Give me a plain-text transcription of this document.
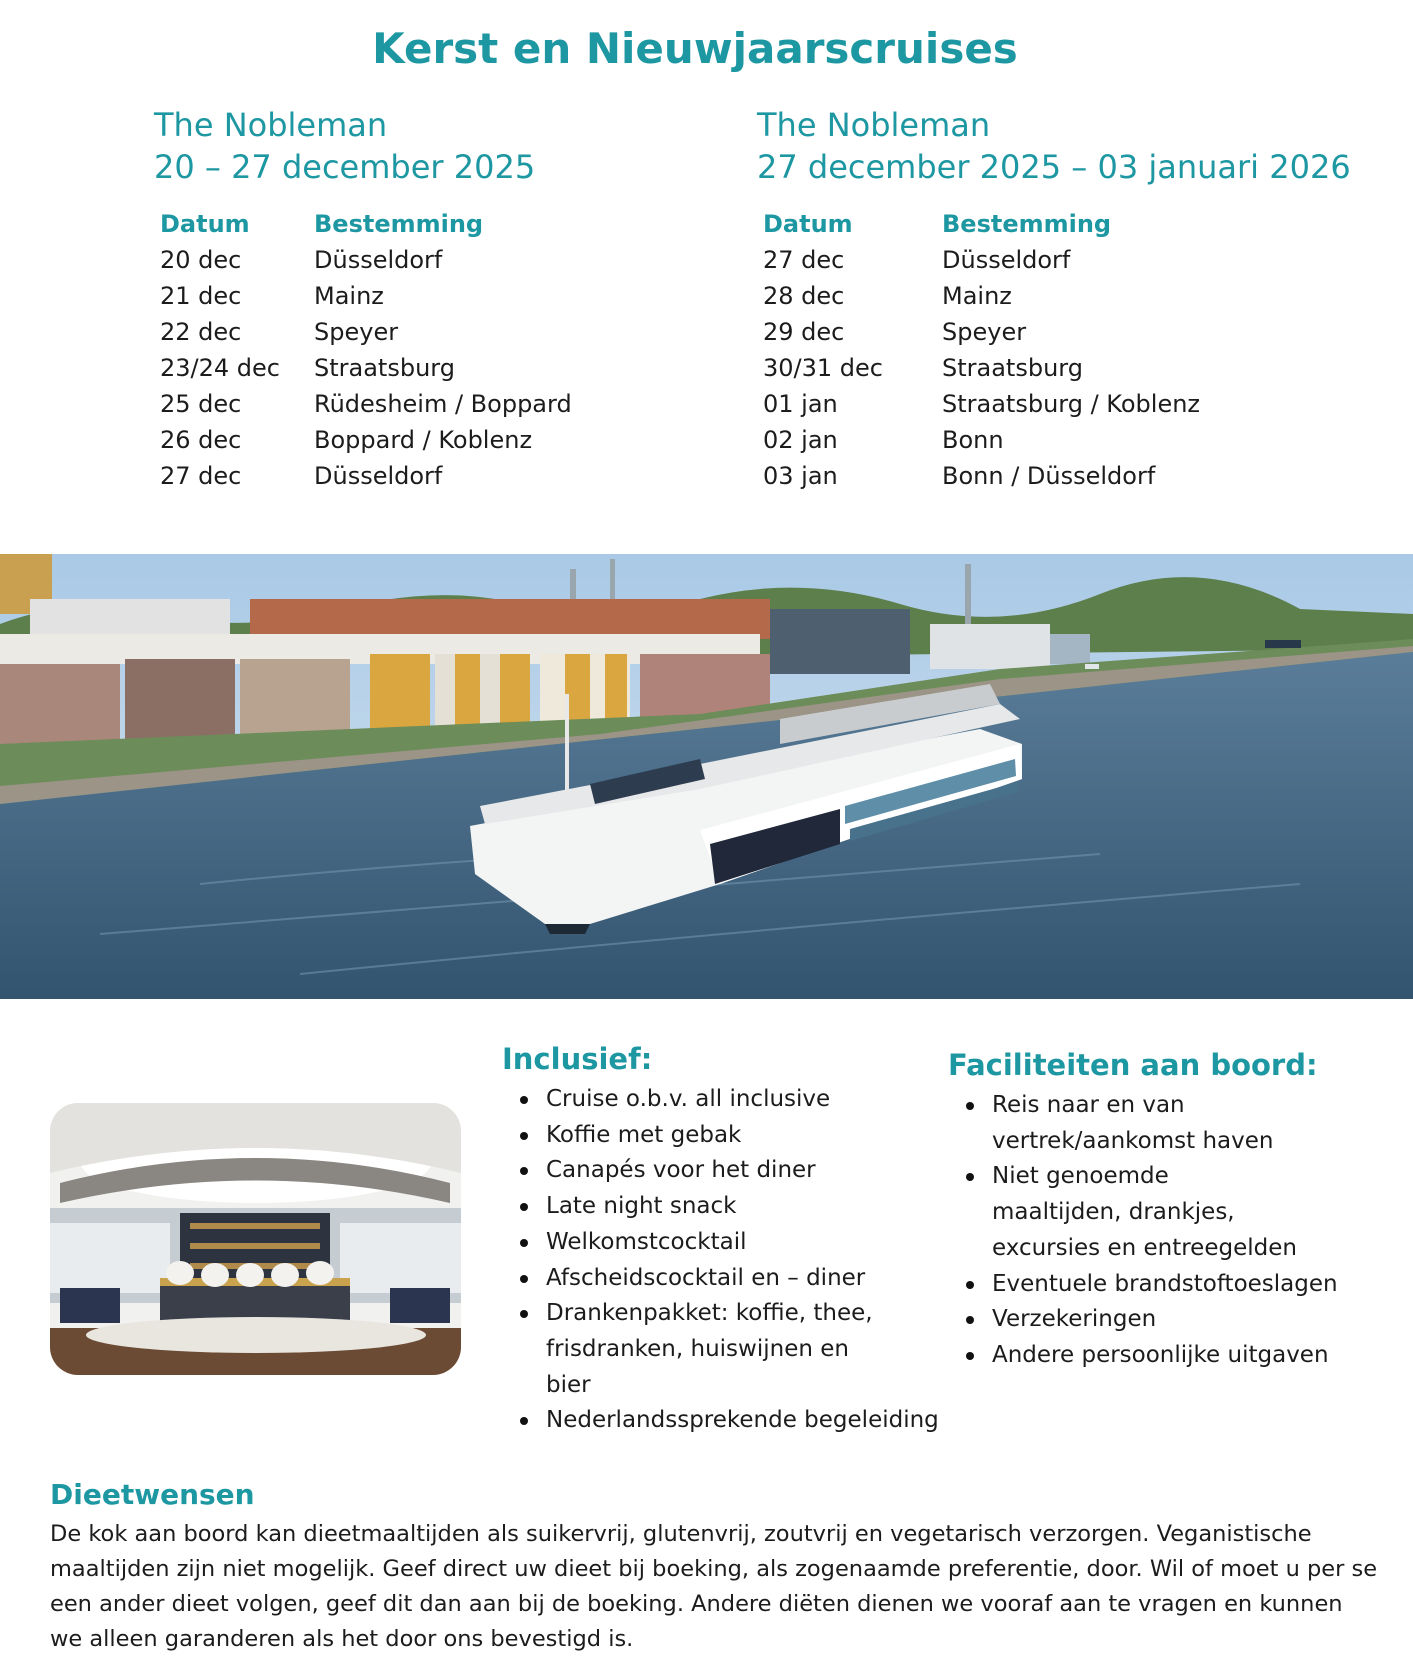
Kerst en Nieuwjaarscruises
The Nobleman
20 – 27 december 2025
Datum	Bestemming
20 dec	Düsseldorf
21 dec	Mainz
22 dec	Speyer
23/24 dec	Straatsburg
25 dec	Rüdesheim / Boppard
26 dec	Boppard / Koblenz
27 dec	Düsseldorf
The Nobleman
27 december 2025 – 03 januari 2026
Datum	Bestemming
27 dec	Düsseldorf
28 dec	Mainz
29 dec	Speyer
30/31 dec	Straatsburg
01 jan	Straatsburg / Koblenz
02 jan	Bonn
03 jan	Bonn / Düsseldorf
Inclusief:
Cruise o.b.v. all inclusive
Koffie met gebak
Canapés voor het diner
Late night snack
Welkomstcocktail
Afscheidscocktail en – diner
Drankenpakket: koffie, thee, frisdranken, huiswijnen en bier
Nederlandssprekende begeleiding
Faciliteiten aan boord:
Reis naar en van vertrek/aankomst haven
Niet genoemde maaltijden, drankjes, excursies en entreegelden
Eventuele brandstoftoeslagen
Verzekeringen
Andere persoonlijke uitgaven
Dieetwensen

De kok aan boord kan dieetmaaltijden als suikervrij, glutenvrij, zoutvrij en vegetarisch verzorgen. Veganistische maaltijden zijn niet mogelijk. Geef direct uw dieet bij boeking, als zogenaamde preferentie, door. Wil of moet u per se een ander dieet volgen, geef dit dan aan bij de boeking. Andere diëten dienen we vooraf aan te vragen en kunnen we alleen garanderen als het door ons bevestigd is.
